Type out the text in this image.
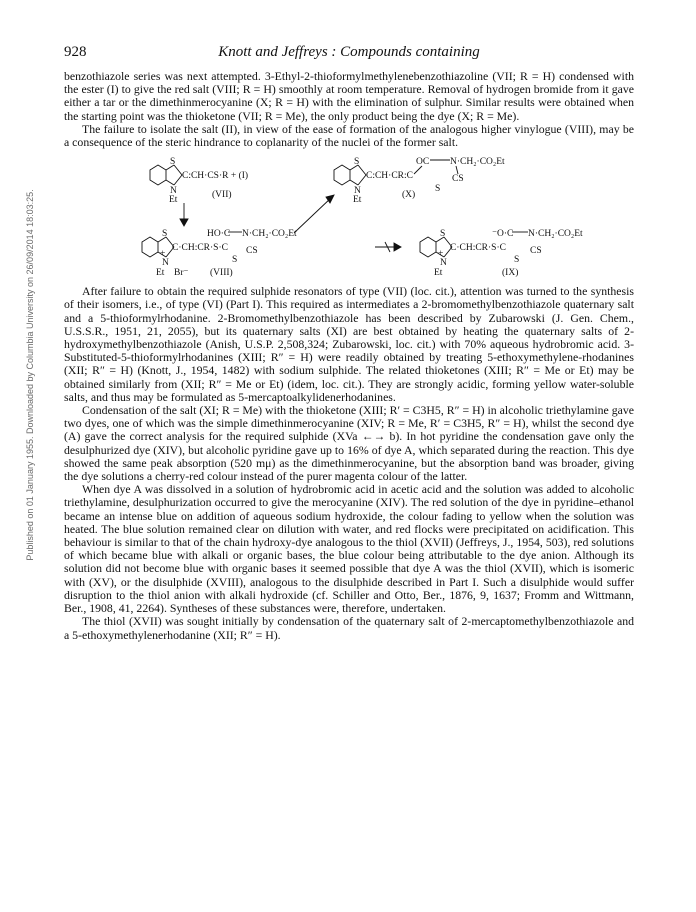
Published on 01 January 1955. Downloaded by Columbia University on 26/09/2014 18:03:25.
928	Knott and Jeffreys : Compounds containing

benzothiazole series was next attempted. 3-Ethyl-2-thioformylmethylenebenzothiazoline (VII; R = H) condensed with the ester (I) to give the red salt (VIII; R = H) smoothly at room temperature. Removal of hydrogen bromide from it gave either a tar or the dimethinmerocyanine (X; R = H) with the elimination of sulphur. Similar results were obtained when the starting point was the thioketone (VII; R = Me), the only product being the dye (X; R = Me).

The failure to isolate the salt (II), in view of the ease of formation of the analogous higher vinylogue (VIII), may be a consequence of the steric hindrance to coplanarity of the nuclei of the former salt.

S
N
Et
C:CH·CS·R + (I)
(VII)
S
N
Et
C:CH·CR:C
OC N·CH₂·CO₂Et
CS
S
(X)
S
N
+
Et Br⁻
C·CH:CR·S·C
HO·C N·CH₂·CO₂Et
CS
S
(VIII)
S
N
+
Et
C·CH:CR·S·C
⁻O·C N·CH₂·CO₂Et
CS
S
(IX)

After failure to obtain the required sulphide resonators of type (VII) (loc. cit.), attention was turned to the synthesis of their isomers, i.e., of type (VI) (Part I). This required as intermediates a 2-bromomethylbenzothiazole quaternary salt and a 5-thioformylrhodanine. 2-Bromomethylbenzothiazole has been described by Zubarowski (J. Gen. Chem., U.S.S.R., 1951, 21, 2055), but its quaternary salts (XI) are best obtained by heating the quaternary salts of 2-hydroxymethylbenzothiazole (Anish, U.S.P. 2,508,324; Zubarowski, loc. cit.) with 70% aqueous hydrobromic acid. 3-Substituted-5-thioformylrhodanines (XIII; R″ = H) were readily obtained by treating 5-ethoxymethylene-rhodanines (XII; R″ = H) (Knott, J., 1954, 1482) with sodium sulphide. The related thioketones (XIII; R″ = Me or Et) may be obtained similarly from (XII; R″ = Me or Et) (idem, loc. cit.). They are strongly acidic, forming yellow water-soluble salts, and thus may be formulated as 5-mercaptoalkylidenerhodanines.

Condensation of the salt (XI; R = Me) with the thioketone (XIII; R′ = C3H5, R″ = H) in alcoholic triethylamine gave two dyes, one of which was the simple dimethinmerocyanine (XIV; R = Me, R′ = C3H5, R″ = H), whilst the second dye (A) gave the correct analysis for the required sulphide (XVa ←→ b). In hot pyridine the condensation gave only the desulphurized dye (XIV), but alcoholic pyridine gave up to 16% of dye A, which separated during the reaction. This dye showed the same peak absorption (520 mμ) as the dimethinmerocyanine, but the absorption band was broader, giving the dye solutions a cherry-red colour instead of the purer magenta colour of the latter.

When dye A was dissolved in a solution of hydrobromic acid in acetic acid and the solution was added to alcoholic triethylamine, desulphurization occurred to give the merocyanine (XIV). The red solution of the dye in pyridine–ethanol became an intense blue on addition of aqueous sodium hydroxide, the colour fading to yellow when the solution was heated. The blue solution remained clear on dilution with water, and red flocks were precipitated on acidification. This behaviour is similar to that of the chain hydroxy-dye analogous to the thiol (XVII) (Jeffreys, J., 1954, 503), red solutions of which became blue with alkali or organic bases, the blue colour being attributable to the dye anion. Although its solution did not become blue with organic bases it seemed possible that dye A was the thiol (XVII), which is isomeric with (XV), or the disulphide (XVIII), analogous to the disulphide described in Part I. Such a disulphide would suffer disruption to the thiol anion with alkali hydroxide (cf. Schiller and Otto, Ber., 1876, 9, 1637; Fromm and Wittmann, Ber., 1908, 41, 2264). Syntheses of these substances were, therefore, undertaken.

The thiol (XVII) was sought initially by condensation of the quaternary salt of 2-mercaptomethylbenzothiazole and a 5-ethoxymethylenerhodanine (XII; R″ = H).
